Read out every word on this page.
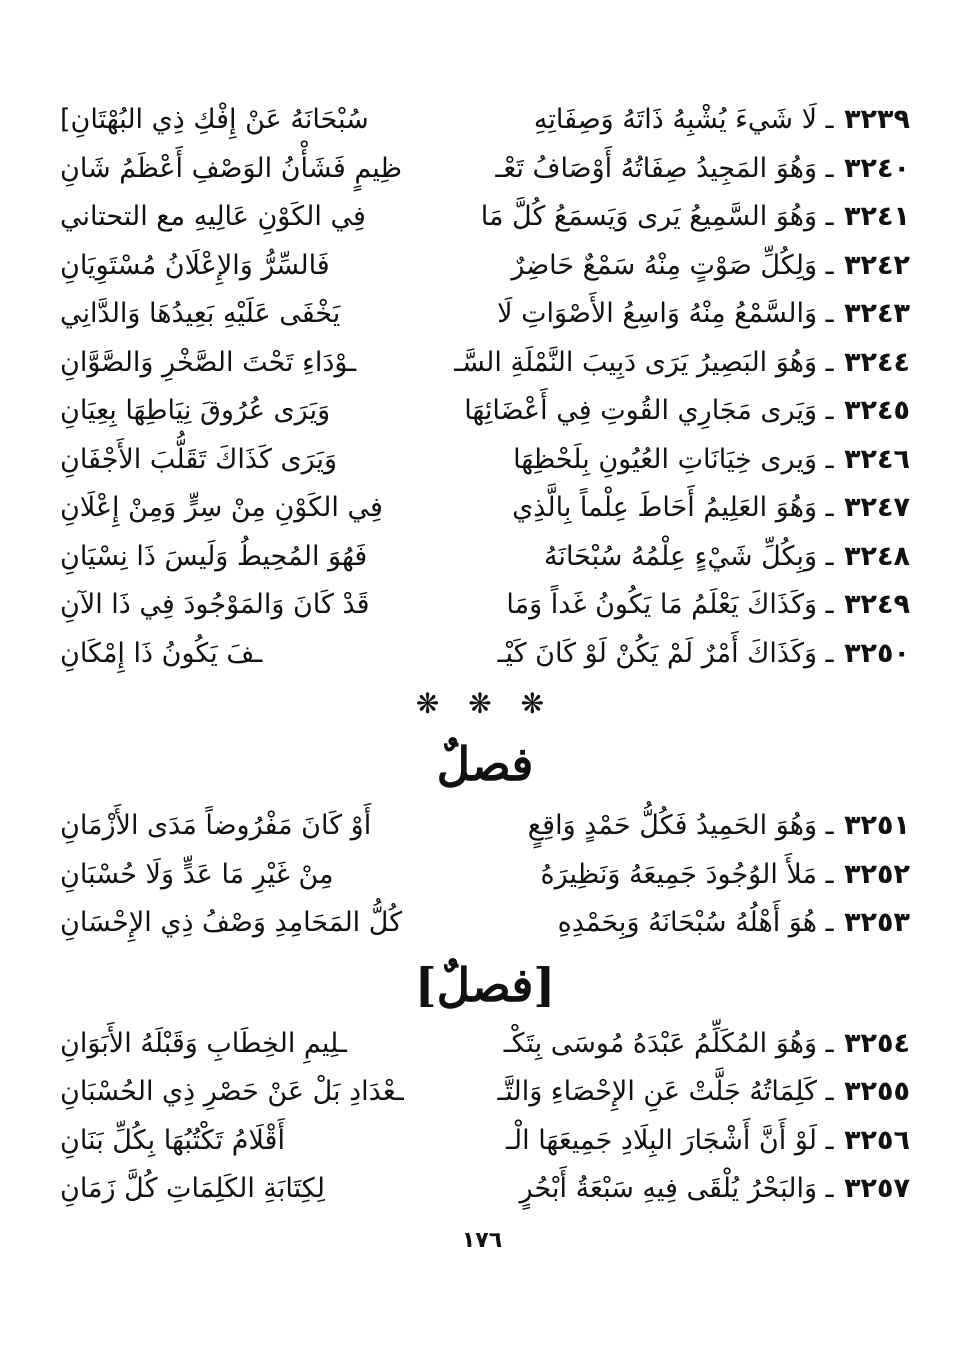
٣٢٣٩ ـ لَا شَيءَ يُشْبِهُ ذَاتَهُ وَصِفَاتِهِ
سُبْحَانَهُ عَنْ إِفْكِ ذِي البُهْتَانِ]
٣٢٤٠ ـ وَهُوَ المَجِيدُ صِفَاتُهُ أَوْصَافُ تَعْـ
ظِيمٍ فَشَأْنُ الوَصْفِ أَعْظَمُ شَانِ
٣٢٤١ ـ وَهُوَ السَّمِيعُ يَرى وَيَسمَعُ كُلَّ مَا
فِي الكَوْنِ عَالِيهِ مع التحتاني
٣٢٤٢ ـ وَلِكُلِّ صَوْتٍ مِنْهُ سَمْعٌ حَاضِرٌ
فَالسِّرُّ وَالإِعْلَانُ مُسْتَوِيَانِ
٣٢٤٣ ـ وَالسَّمْعُ مِنْهُ وَاسِعُ الأَصْوَاتِ لَا
يَخْفَى عَلَيْهِ بَعِيدُهَا وَالدَّانِي
٣٢٤٤ ـ وَهُوَ البَصِيرُ يَرَى دَبِيبَ النَّمْلَةِ السَّـ
ـوْدَاءِ تَحْتَ الصَّخْرِ وَالصَّوَّانِ
٣٢٤٥ ـ وَيَرى مَجَارِي القُوتِ فِي أَعْضَائِهَا
وَيَرَى عُرُوقَ نِيَاطِهَا بِعِيَانِ
٣٢٤٦ ـ وَيرى خِيَانَاتِ العُيُونِ بِلَحْظِهَا
وَيَرَى كَذَاكَ تَقَلُّبَ الأَجْفَانِ
٣٢٤٧ ـ وَهُوَ العَلِيمُ أَحَاطَ عِلْماً بِالَّذِي
فِي الكَوْنِ مِنْ سِرٍّ وَمِنْ إِعْلَانِ
٣٢٤٨ ـ وَبِكُلِّ شَيْءٍ عِلْمُهُ سُبْحَانَهُ
فَهُوَ المُحِيطُ وَلَيسَ ذَا نِسْيَانِ
٣٢٤٩ ـ وَكَذَاكَ يَعْلَمُ مَا يَكُونُ غَداً وَمَا
قَدْ كَانَ وَالمَوْجُودَ فِي ذَا الآنِ
٣٢٥٠ ـ وَكَذَاكَ أَمْرٌ لَمْ يَكُنْ لَوْ كَانَ كَيْـ
ـفَ يَكُونُ ذَا إِمْكَانِ
❋ ❋ ❋
فصلٌ
٣٢٥١ ـ وَهُوَ الحَمِيدُ فَكُلُّ حَمْدٍ وَاقِعٍ
أَوْ كَانَ مَفْرُوضاً مَدَى الأَزْمَانِ
٣٢٥٢ ـ مَلأَ الوُجُودَ جَمِيعَهُ وَنَظِيرَهُ
مِنْ غَيْرِ مَا عَدٍّ وَلَا حُسْبَانِ
٣٢٥٣ ـ هُوَ أَهْلُهُ سُبْحَانَهُ وَبِحَمْدِهِ
كُلُّ المَحَامِدِ وَصْفُ ذِي الإِحْسَانِ
[فصلٌ]
٣٢٥٤ ـ وَهُوَ المُكَلِّمُ عَبْدَهُ مُوسَى بِتَكْـ
ـلِيمِ الخِطَابِ وَقَبْلَهُ الأَبَوَانِ
٣٢٥٥ ـ كَلِمَاتُهُ جَلَّتْ عَنِ الإِحْصَاءِ وَالتَّـ
ـعْدَادِ بَلْ عَنْ حَصْرِ ذِي الحُسْبَانِ
٣٢٥٦ ـ لَوْ أَنَّ أَشْجَارَ البِلَادِ جَمِيعَهَا الْـ
أَقْلَامُ تَكْتُبُهَا بِكُلِّ بَنَانِ
٣٢٥٧ ـ وَالبَحْرُ يُلْقَى فِيهِ سَبْعَةُ أَبْحُرٍ
لِكِتَابَةِ الكَلِمَاتِ كُلَّ زَمَانِ
١٧٦
